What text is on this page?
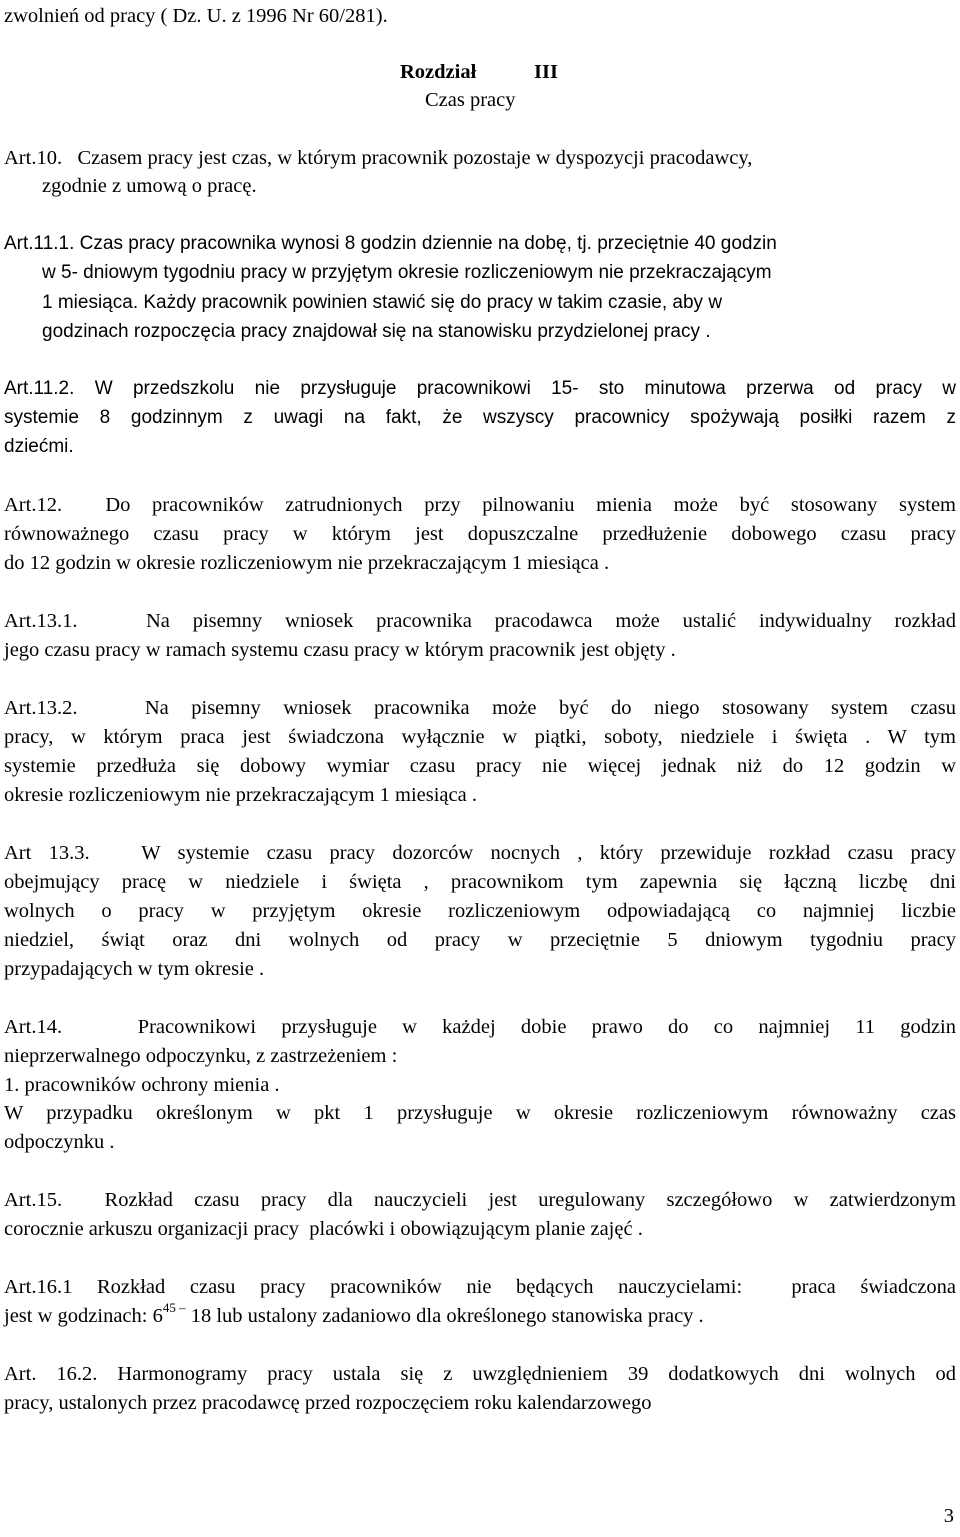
zwolnień od pracy ( Dz. U. z 1996 Nr 60/281).
Rozdział	III
Czas pracy
Art.10.   Czasem pracy jest czas, w którym pracownik pozostaje w dyspozycji pracodawcy,
zgodnie z umową o pracę.
Art.11.1. Czas pracy pracownika wynosi 8 godzin dziennie na dobę, tj. przeciętnie 40 godzin
w 5- dniowym tygodniu pracy w przyjętym okresie rozliczeniowym nie przekraczającym
1 miesiąca. Każdy pracownik powinien stawić się do pracy w takim czasie, aby w
godzinach rozpoczęcia pracy znajdował się na stanowisku przydzielonej pracy .
Art.11.2. W przedszkolu nie przysługuje pracownikowi 15- sto minutowa przerwa od pracy w
systemie 8 godzinnym z uwagi na fakt, że wszyscy pracownicy spożywają posiłki razem z
dziećmi.
Art.12.  Do pracowników zatrudnionych przy pilnowaniu mienia może być stosowany system
równoważnego czasu pracy w którym jest dopuszczalne przedłużenie dobowego czasu pracy
do 12 godzin w okresie rozliczeniowym nie przekraczającym 1 miesiąca .
Art.13.1.   Na pisemny wniosek pracownika pracodawca może ustalić indywidualny rozkład
jego czasu pracy w ramach systemu czasu pracy w którym pracownik jest objęty .
Art.13.2.   Na pisemny wniosek pracownika może być do niego stosowany system czasu
pracy, w którym praca jest świadczona wyłącznie w piątki, soboty, niedziele i święta . W tym
systemie przedłuża się dobowy wymiar czasu pracy nie więcej jednak niż do 12 godzin w
okresie rozliczeniowym nie przekraczającym 1 miesiąca .
Art 13.3.   W systemie czasu pracy dozorców nocnych , który przewiduje rozkład czasu pracy
obejmujący pracę w niedziele i święta , pracownikom tym zapewnia się łączną liczbę dni
wolnych o pracy w przyjętym okresie rozliczeniowym odpowiadającą co najmniej liczbie
niedziel, świąt oraz dni wolnych od pracy w przeciętnie 5 dniowym tygodniu pracy
przypadających w tym okresie .
Art.14.   Pracownikowi przysługuje w każdej dobie prawo do co najmniej 11 godzin
nieprzerwalnego odpoczynku, z zastrzeżeniem :
1. pracowników ochrony mienia .
W przypadku określonym w pkt 1 przysługuje w okresie rozliczeniowym równoważny czas
odpoczynku .
Art.15.  Rozkład czasu pracy dla nauczycieli jest uregulowany szczegółowo w zatwierdzonym
corocznie arkuszu organizacji pracy  placówki i obowiązującym planie zajęć .
Art.16.1 Rozkład czasu pracy pracowników nie będących nauczycielami:  praca świadczona
jest w godzinach: $6^{45 -}$ 18 lub ustalony zadaniowo dla określonego stanowiska pracy .
Art. 16.2. Harmonogramy pracy ustala się z uwzględnieniem 39 dodatkowych dni wolnych od
pracy, ustalonych przez pracodawcę przed rozpoczęciem roku kalendarzowego
3
